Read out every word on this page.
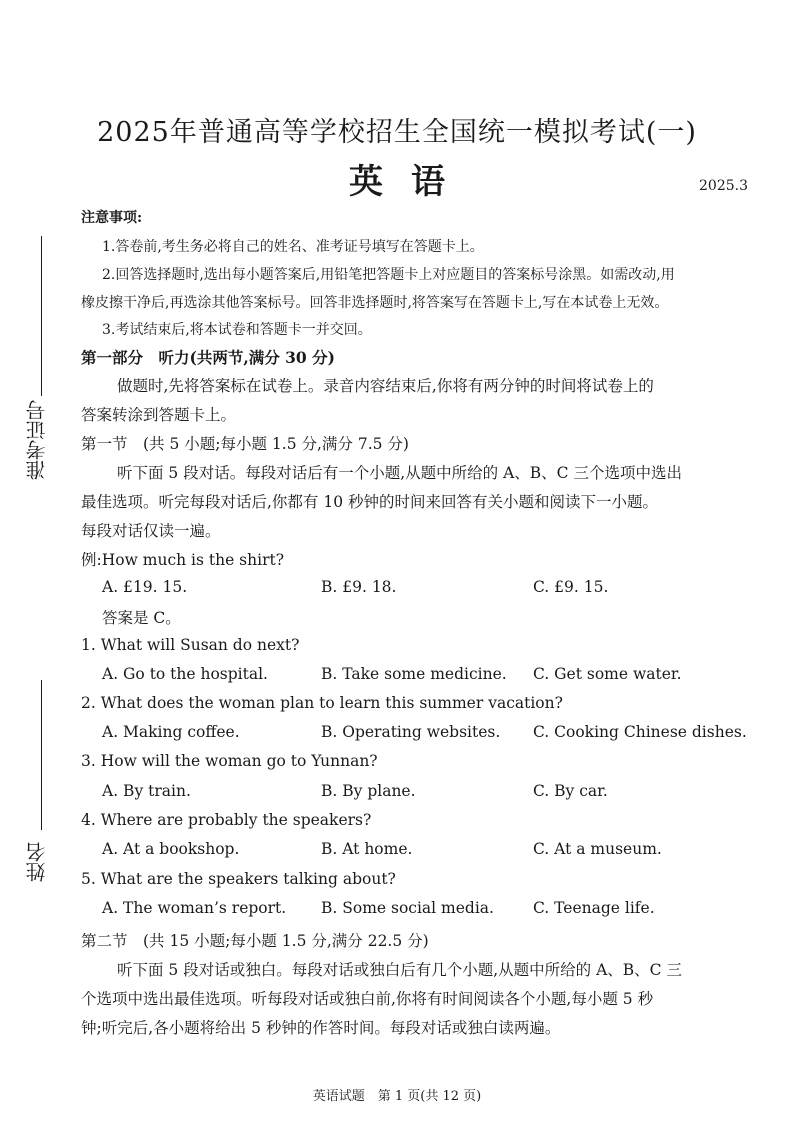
2025年普通高等学校招生全国统一模拟考试(一)
英语	2025.3
准考证号
姓名
注意事项:
1.答卷前,考生务必将自己的姓名、准考证号填写在答题卡上。
2.回答选择题时,选出每小题答案后,用铅笔把答题卡上对应题目的答案标号涂黑。如需改动,用
橡皮擦干净后,再选涂其他答案标号。回答非选择题时,将答案写在答题卡上,写在本试卷上无效。
3.考试结束后,将本试卷和答题卡一并交回。
第一部分　听力(共两节,满分 30 分)
做题时,先将答案标在试卷上。录音内容结束后,你将有两分钟的时间将试卷上的
答案转涂到答题卡上。
第一节　(共 5 小题;每小题 1.5 分,满分 7.5 分)
听下面 5 段对话。每段对话后有一个小题,从题中所给的 A、B、C 三个选项中选出
最佳选项。听完每段对话后,你都有 10 秒钟的时间来回答有关小题和阅读下一小题。
每段对话仅读一遍。
例:How much is the shirt?
A. £19. 15.	B. £9. 18.	C. £9. 15.
答案是 C。
1. What will Susan do next?
A. Go to the hospital.	B. Take some medicine. C. Get some water.
2. What does the woman plan to learn this summer vacation?
A. Making coffee.	B. Operating websites. C. Cooking Chinese dishes.
3. How will the woman go to Yunnan?
A. By train.	B. By plane.	C. By car.
4. Where are probably the speakers?
A. At a bookshop.	B. At home.	C. At a museum.
5. What are the speakers talking about?
A. The woman’s report. B. Some social media.	C. Teenage life.
第二节　(共 15 小题;每小题 1.5 分,满分 22.5 分)
听下面 5 段对话或独白。每段对话或独白后有几个小题,从题中所给的 A、B、C 三
个选项中选出最佳选项。听每段对话或独白前,你将有时间阅读各个小题,每小题 5 秒
钟;听完后,各小题将给出 5 秒钟的作答时间。每段对话或独白读两遍。
英语试题　第 1 页(共 12 页)
